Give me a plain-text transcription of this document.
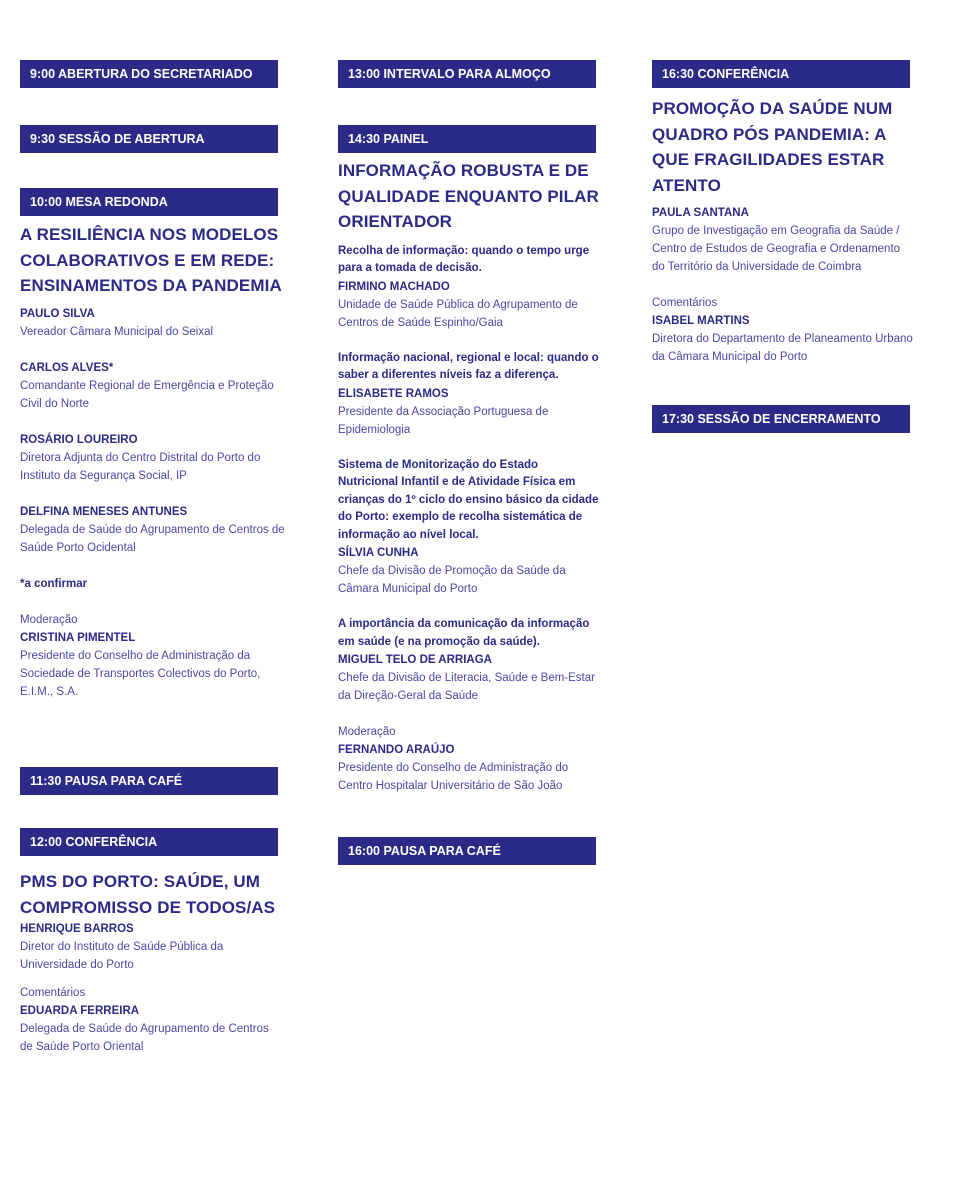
9:00 ABERTURA DO SECRETARIADO
9:30 SESSÃO DE ABERTURA
10:00 MESA REDONDA
A RESILIÊNCIA NOS MODELOS COLABORATIVOS E EM REDE: ENSINAMENTOS DA PANDEMIA
PAULO SILVA
Vereador Câmara Municipal do Seixal
CARLOS ALVES*
Comandante Regional de Emergência e Proteção Civil do Norte
ROSÁRIO LOUREIRO
Diretora Adjunta do Centro Distrital do Porto do Instituto da Segurança Social, IP
DELFINA MENESES ANTUNES
Delegada de Saúde do Agrupamento de Centros de Saúde Porto Ocidental
*a confirmar
Moderação
CRISTINA PIMENTEL
Presidente do Conselho de Administração da Sociedade de Transportes Colectivos do Porto, E.I.M., S.A.
11:30 PAUSA PARA CAFÉ
12:00 CONFERÊNCIA
PMS DO PORTO: SAÚDE, UM COMPROMISSO DE TODOS/AS
HENRIQUE BARROS
Diretor do Instituto de Saúde Pública da Universidade do Porto
Comentários
EDUARDA FERREIRA
Delegada de Saúde do Agrupamento de Centros de Saúde Porto Oriental
13:00 INTERVALO PARA ALMOÇO
14:30 PAINEL
INFORMAÇÃO ROBUSTA E DE QUALIDADE ENQUANTO PILAR ORIENTADOR
Recolha de informação: quando o tempo urge para a tomada de decisão.
FIRMINO MACHADO
Unidade de Saúde Pública do Agrupamento de Centros de Saúde Espinho/Gaia
Informação nacional, regional e local: quando o saber a diferentes níveis faz a diferença.
ELISABETE RAMOS
Presidente da Associação Portuguesa de Epidemiologia
Sistema de Monitorização do Estado Nutricional Infantil e de Atividade Física em crianças do 1º ciclo do ensino básico da cidade do Porto: exemplo de recolha sistemática de informação ao nível local.
SÍLVIA CUNHA
Chefe da Divisão de Promoção da Saúde da Câmara Municipal do Porto
A importância da comunicação da informação em saúde (e na promoção da saúde).
MIGUEL TELO DE ARRIAGA
Chefe da Divisão de Literacia, Saúde e Bem-Estar da Direção-Geral da Saúde
Moderação
FERNANDO ARAÚJO
Presidente do Conselho de Administração do Centro Hospitalar Universitário de São João
16:00 PAUSA PARA CAFÉ
16:30 CONFERÊNCIA
PROMOÇÃO DA SAÚDE NUM QUADRO PÓS PANDEMIA: A QUE FRAGILIDADES ESTAR ATENTO
PAULA SANTANA
Grupo de Investigação em Geografia da Saúde / Centro de Estudos de Geografia e Ordenamento do Território da Universidade de Coimbra
Comentários
ISABEL MARTINS
Diretora do Departamento de Planeamento Urbano da Câmara Municipal do Porto
17:30 SESSÃO DE ENCERRAMENTO
